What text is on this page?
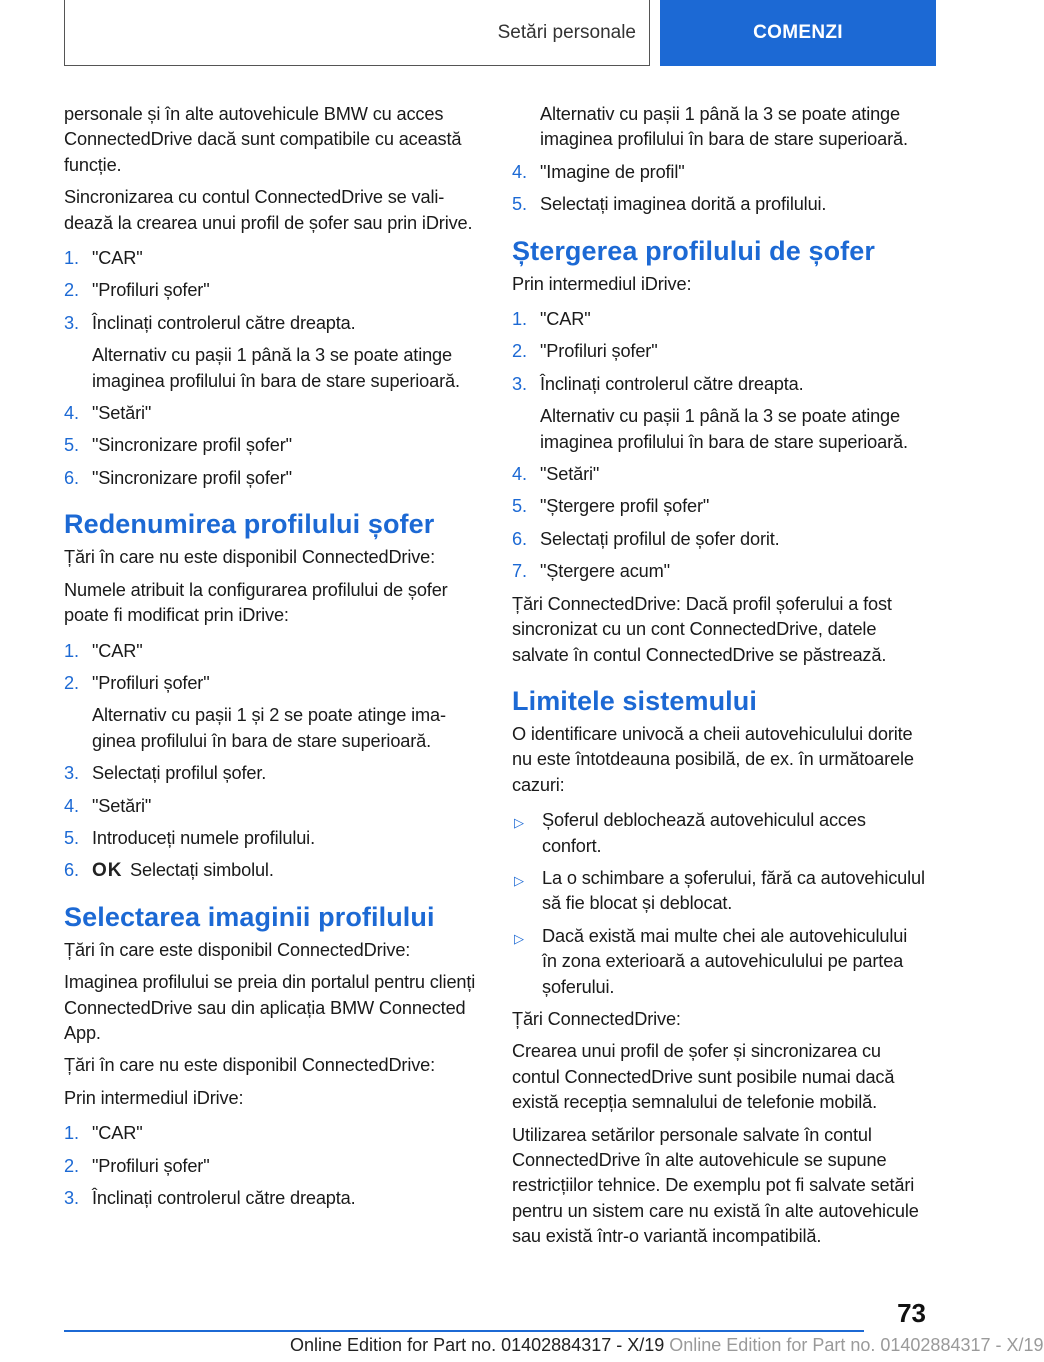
Setări personale	COMENZI
personale și în alte autovehicule BMW cu acces ConnectedDrive dacă sunt compatibile cu această funcție.
Sincronizarea cu contul ConnectedDrive se validează la crearea unui profil de șofer sau prin iDrive.
1. "CAR"
2. "Profiluri șofer"
3. Înclinați controlerul către dreapta.
Alternativ cu pașii 1 până la 3 se poate atinge imaginea profilului în bara de stare superioară.
4. "Setări"
5. "Sincronizare profil șofer"
6. "Sincronizare profil șofer"
Redenumirea profilului șofer
Țări în care nu este disponibil ConnectedDrive:
Numele atribuit la configurarea profilului de șofer poate fi modificat prin iDrive:
1. "CAR"
2. "Profiluri șofer"
Alternativ cu pașii 1 și 2 se poate atinge imaginea profilului în bara de stare superioară.
3. Selectați profilul șofer.
4. "Setări"
5. Introduceți numele profilului.
6. OK Selectați simbolul.
Selectarea imaginii profilului
Țări în care este disponibil ConnectedDrive:
Imaginea profilului se preia din portalul pentru clienți ConnectedDrive sau din aplicația BMW Connected App.
Țări în care nu este disponibil ConnectedDrive:
Prin intermediul iDrive:
1. "CAR"
2. "Profiluri șofer"
3. Înclinați controlerul către dreapta.
Alternativ cu pașii 1 până la 3 se poate atinge imaginea profilului în bara de stare superioară.
4. "Imagine de profil"
5. Selectați imaginea dorită a profilului.
Ștergerea profilului de șofer
Prin intermediul iDrive:
1. "CAR"
2. "Profiluri șofer"
3. Înclinați controlerul către dreapta.
Alternativ cu pașii 1 până la 3 se poate atinge imaginea profilului în bara de stare superioară.
4. "Setări"
5. "Ștergere profil șofer"
6. Selectați profilul de șofer dorit.
7. "Ștergere acum"
Țări ConnectedDrive: Dacă profil șoferului a fost sincronizat cu un cont ConnectedDrive, datele salvate în contul ConnectedDrive se păstrează.
Limitele sistemului
O identificare univocă a cheii autovehiculului dorite nu este întotdeauna posibilă, de ex. în următoarele cazuri:
▷ Șoferul deblochează autovehiculul acces confort.
▷ La o schimbare a șoferului, fără ca autovehiculul să fie blocat și deblocat.
▷ Dacă există mai multe chei ale autovehiculului în zona exterioară a autovehiculului pe partea șoferului.
Țări ConnectedDrive:
Crearea unui profil de șofer și sincronizarea cu contul ConnectedDrive sunt posibile numai dacă există recepția semnalului de telefonie mobilă.
Utilizarea setărilor personale salvate în contul ConnectedDrive în alte autovehicule se supune restricțiilor tehnice. De exemplu pot fi salvate setări pentru un sistem care nu există în alte autovehicule sau există într-o variantă incompatibilă.
73
Online Edition for Part no. 01402884317 - X/19 Online Edition for Part no. 01402884317 - X/19
